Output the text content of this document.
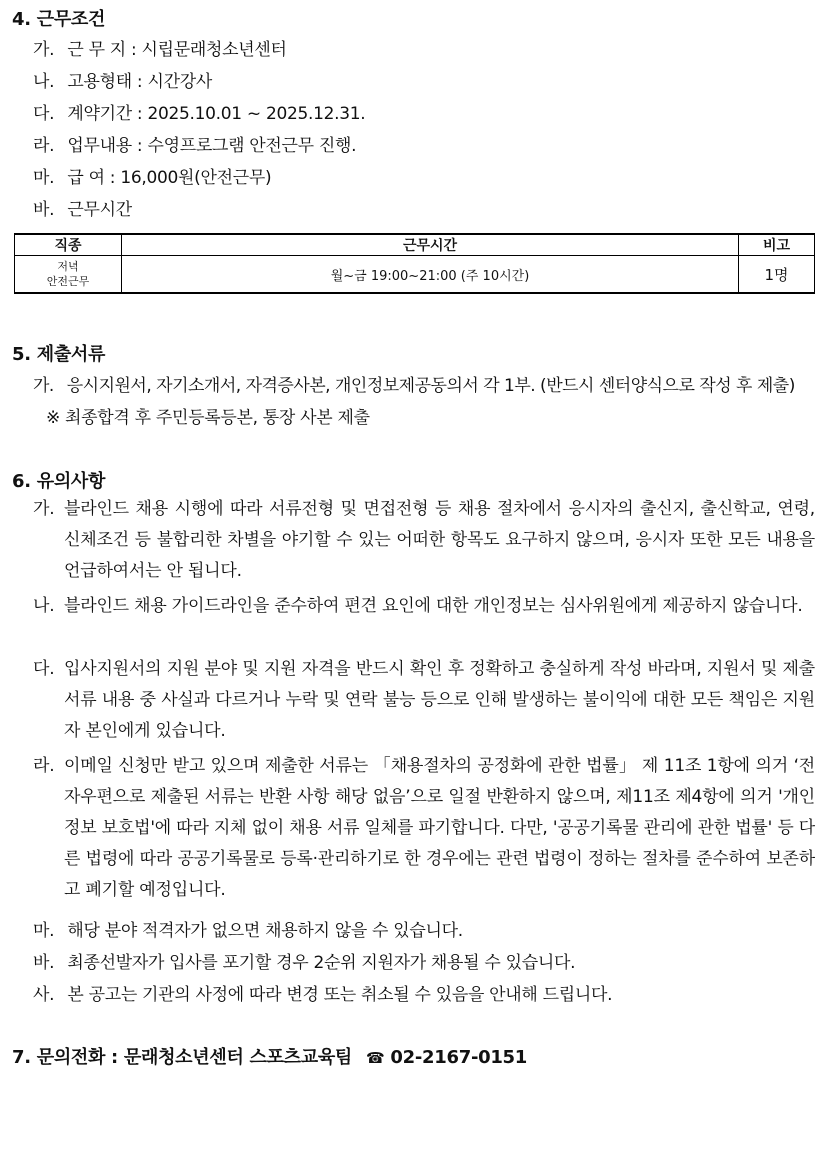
4. 근무조건
가. 근 무 지 : 시립문래청소년센터
나. 고용형태 : 시간강사
다. 계약기간 : 2025.10.01 ~ 2025.12.31.
라. 업무내용 : 수영프로그램 안전근무 진행.
마. 급 여 : 16,000원(안전근무)
바. 근무시간
직종	근무시간	비고

저녁
안전근무	월~금 19:00~21:00 (주 10시간)	1명
5. 제출서류
가. 응시지원서, 자기소개서, 자격증사본, 개인정보제공동의서 각 1부. (반드시 센터양식으로 작성 후 제출)
※ 최종합격 후 주민등록등본, 통장 사본 제출
6. 유의사항
가. 블라인드 채용 시행에 따라 서류전형 및 면접전형 등 채용 절차에서 응시자의 출신지, 출신학교, 연령, 신체조건 등 불합리한 차별을 야기할 수 있는 어떠한 항목도 요구하지 않으며, 응시자 또한 모든 내용을 언급하여서는 안 됩니다.
나. 블라인드 채용 가이드라인을 준수하여 편견 요인에 대한 개인정보는 심사위원에게 제공하지 않습니다.
다. 입사지원서의 지원 분야 및 지원 자격을 반드시 확인 후 정확하고 충실하게 작성 바라며, 지원서 및 제출 서류 내용 중 사실과 다르거나 누락 및 연락 불능 등으로 인해 발생하는 불이익에 대한 모든 책임은 지원자 본인에게 있습니다.
라. 이메일 신청만 받고 있으며 제출한 서류는 「채용절차의 공정화에 관한 법률」 제 11조 1항에 의거 ‘전자우편으로 제출된 서류는 반환 사항 해당 없음’으로 일절 반환하지 않으며, 제11조 제4항에 의거 '개인정보 보호법'에 따라 지체 없이 채용 서류 일체를 파기합니다. 다만, '공공기록물 관리에 관한 법률' 등 다른 법령에 따라 공공기록물로 등록·관리하기로 한 경우에는 관련 법령이 정하는 절차를 준수하여 보존하고 폐기할 예정입니다.
마. 해당 분야 적격자가 없으면 채용하지 않을 수 있습니다.
바. 최종선발자가 입사를 포기할 경우 2순위 지원자가 채용될 수 있습니다.
사. 본 공고는 기관의 사정에 따라 변경 또는 취소될 수 있음을 안내해 드립니다.
7. 문의전화 : 문래청소년센터 스포츠교육팀 ☎ 02-2167-0151
